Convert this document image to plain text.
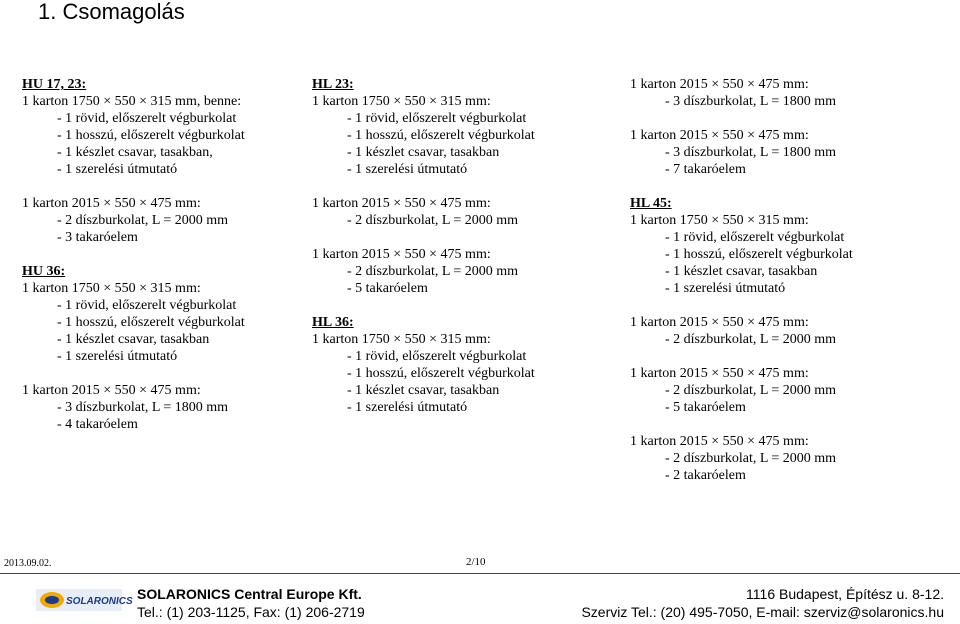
1. Csomagolás
HU 17, 23:
1 karton 1750 × 550 × 315 mm, benne:
- 1 rövid, előszerelt végburkolat
- 1 hosszú, előszerelt végburkolat
- 1 készlet csavar, tasakban,
- 1 szerelési útmutató
1 karton 2015 × 550 × 475 mm:
- 2 díszburkolat, L = 2000 mm
- 3 takaróelem
HU 36:
1 karton 1750 × 550 × 315 mm:
- 1 rövid, előszerelt végburkolat
- 1 hosszú, előszerelt végburkolat
- 1 készlet csavar, tasakban
- 1 szerelési útmutató
1 karton 2015 × 550 × 475 mm:
- 3 díszburkolat, L = 1800 mm
- 4 takaróelem
HL 23:
1 karton 1750 × 550 × 315 mm:
- 1 rövid, előszerelt végburkolat
- 1 hosszú, előszerelt végburkolat
- 1 készlet csavar, tasakban
- 1 szerelési útmutató
1 karton 2015 × 550 × 475 mm:
- 2 díszburkolat, L = 2000 mm
1 karton 2015 × 550 × 475 mm:
- 2 díszburkolat, L = 2000 mm
- 5 takaróelem
HL 36:
1 karton 1750 × 550 × 315 mm:
- 1 rövid, előszerelt végburkolat
- 1 hosszú, előszerelt végburkolat
- 1 készlet csavar, tasakban
- 1 szerelési útmutató
1 karton 2015 × 550 × 475 mm:
- 3 díszburkolat, L = 1800 mm
1 karton 2015 × 550 × 475 mm:
- 3 díszburkolat, L = 1800 mm
- 7 takaróelem
HL 45:
1 karton 1750 × 550 × 315 mm:
- 1 rövid, előszerelt végburkolat
- 1 hosszú, előszerelt végburkolat
- 1 készlet csavar, tasakban
- 1 szerelési útmutató
1 karton 2015 × 550 × 475 mm:
- 2 díszburkolat, L = 2000 mm
1 karton 2015 × 550 × 475 mm:
- 2 díszburkolat, L = 2000 mm
- 5 takaróelem
1 karton 2015 × 550 × 475 mm:
- 2 díszburkolat, L = 2000 mm
- 2 takaróelem
2013.09.02.	2/10
SOLARONICS SOLARONICS Central Europe Kft.
Tel.: (1) 203-1125, Fax: (1) 206-2719
1116 Budapest, Építész u. 8-12.
Szerviz Tel.: (20) 495-7050, E-mail: szerviz@solaronics.hu
